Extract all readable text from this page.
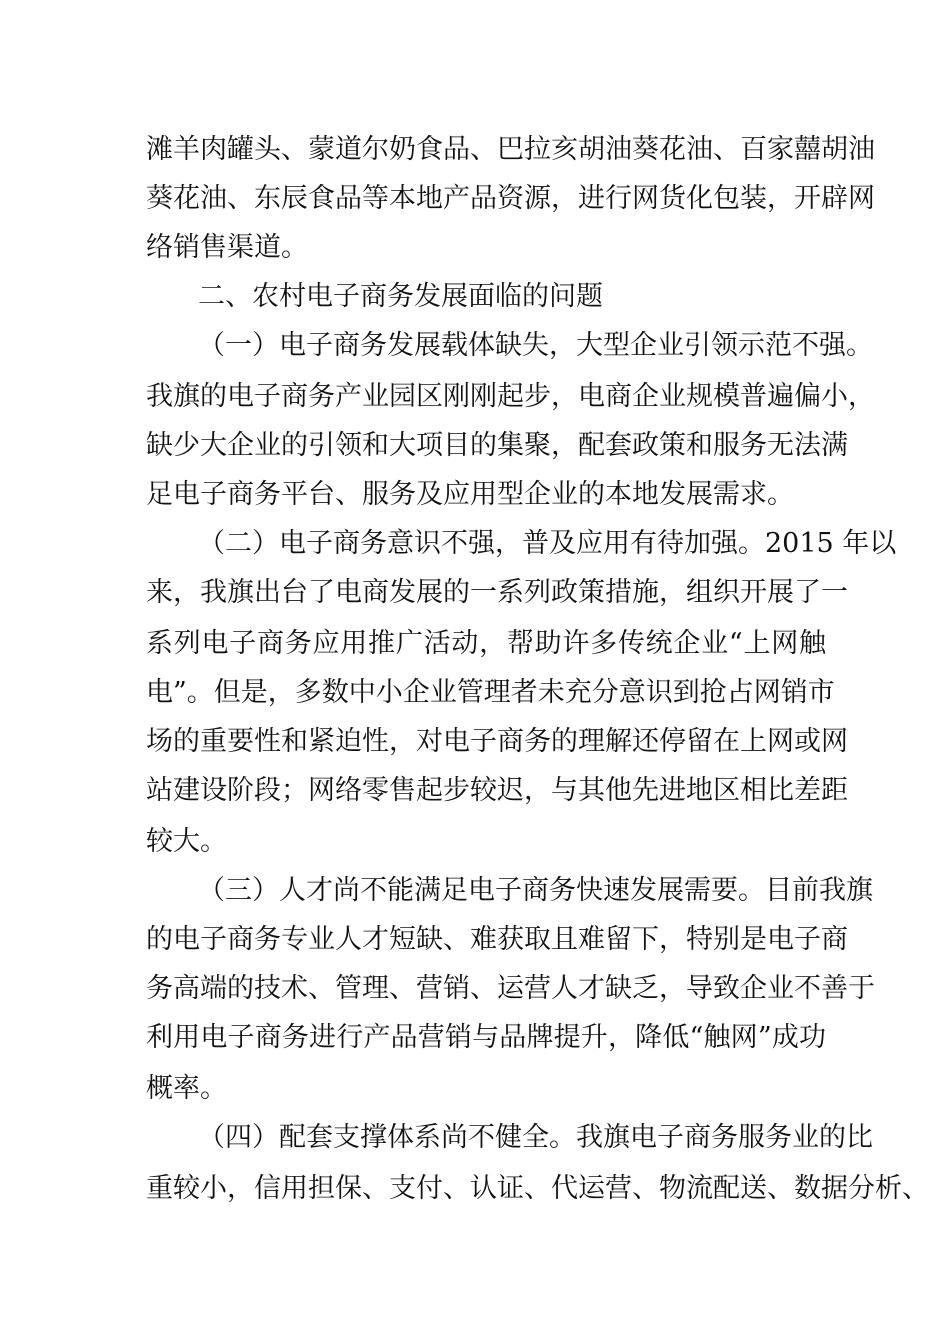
滩羊肉罐头、蒙道尔奶食品、巴拉亥胡油葵花油、百家囍胡油
葵花油、东辰食品等本地产品资源，进行网货化包装，开辟网
络销售渠道。
二、农村电子商务发展面临的问题
（一）电子商务发展载体缺失，大型企业引领示范不强。
我旗的电子商务产业园区刚刚起步，电商企业规模普遍偏小，
缺少大企业的引领和大项目的集聚，配套政策和服务无法满
足电子商务平台、服务及应用型企业的本地发展需求。
（二）电子商务意识不强，普及应用有待加强。2015 年以
来，我旗出台了电商发展的一系列政策措施，组织开展了一
系列电子商务应用推广活动，帮助许多传统企业“上网触
电”。但是，多数中小企业管理者未充分意识到抢占网销市
场的重要性和紧迫性，对电子商务的理解还停留在上网或网
站建设阶段；网络零售起步较迟，与其他先进地区相比差距
较大。
（三）人才尚不能满足电子商务快速发展需要。目前我旗
的电子商务专业人才短缺、难获取且难留下，特别是电子商
务高端的技术、管理、营销、运营人才缺乏，导致企业不善于
利用电子商务进行产品营销与品牌提升，降低“触网”成功
概率。
（四）配套支撑体系尚不健全。我旗电子商务服务业的比
重较小，信用担保、支付、认证、代运营、物流配送、数据分析、
